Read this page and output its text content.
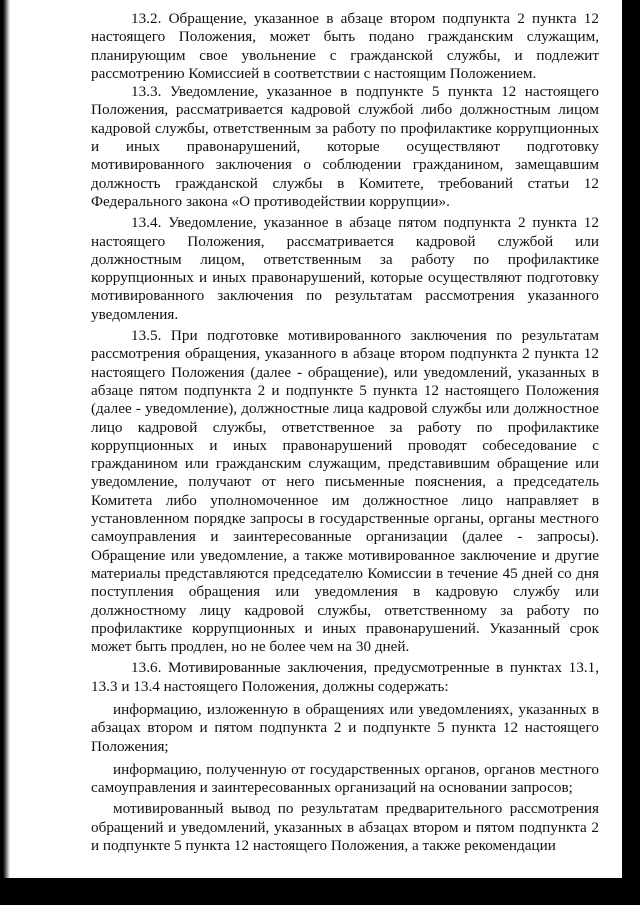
13.2. Обращение, указанное в абзаце втором подпункта 2 пункта 12 настоящего Положения, может быть подано гражданским служащим, планирующим свое увольнение с гражданской службы, и подлежит рассмотрению Комиссией в соответствии с настоящим Положением.

13.3. Уведомление, указанное в подпункте 5 пункта 12 настоящего Положения, рассматривается кадровой службой либо должностным лицом кадровой службы, ответственным за работу по профилактике коррупционных и иных правонарушений, которые осуществляют подготовку мотивированного заключения о соблюдении гражданином, замещавшим должность гражданской службы в Комитете, требований статьи 12 Федерального закона «О противодействии коррупции».

13.4. Уведомление, указанное в абзаце пятом подпункта 2 пункта 12 настоящего Положения, рассматривается кадровой службой или должностным лицом, ответственным за работу по профилактике коррупционных и иных правонарушений, которые осуществляют подготовку мотивированного заключения по результатам рассмотрения указанного уведомления.

13.5. При подготовке мотивированного заключения по результатам рассмотрения обращения, указанного в абзаце втором подпункта 2 пункта 12 настоящего Положения (далее - обращение), или уведомлений, указанных в абзаце пятом подпункта 2 и подпункте 5 пункта 12 настоящего Положения (далее - уведомление), должностные лица кадровой службы или должностное лицо кадровой службы, ответственное за работу по профилактике коррупционных и иных правонарушений проводят собеседование с гражданином или гражданским служащим, представившим обращение или уведомление, получают от него письменные пояснения, а председатель Комитета либо уполномоченное им должностное лицо направляет в установленном порядке запросы в государственные органы, органы местного самоуправления и заинтересованные организации (далее - запросы). Обращение или уведомление, а также мотивированное заключение и другие материалы представляются председателю Комиссии в течение 45 дней со дня поступления обращения или уведомления в кадровую службу или должностному лицу кадровой службы, ответственному за работу по профилактике коррупционных и иных правонарушений. Указанный срок может быть продлен, но не более чем на 30 дней.

13.6. Мотивированные заключения, предусмотренные в пунктах 13.1, 13.3 и 13.4 настоящего Положения, должны содержать:

информацию, изложенную в обращениях или уведомлениях, указанных в абзацах втором и пятом подпункта 2 и подпункте 5 пункта 12 настоящего Положения;

информацию, полученную от государственных органов, органов местного самоуправления и заинтересованных организаций на основании запросов;

мотивированный вывод по результатам предварительного рассмотрения обращений и уведомлений, указанных в абзацах втором и пятом подпункта 2 и подпункте 5 пункта 12 настоящего Положения, а также рекомендации
